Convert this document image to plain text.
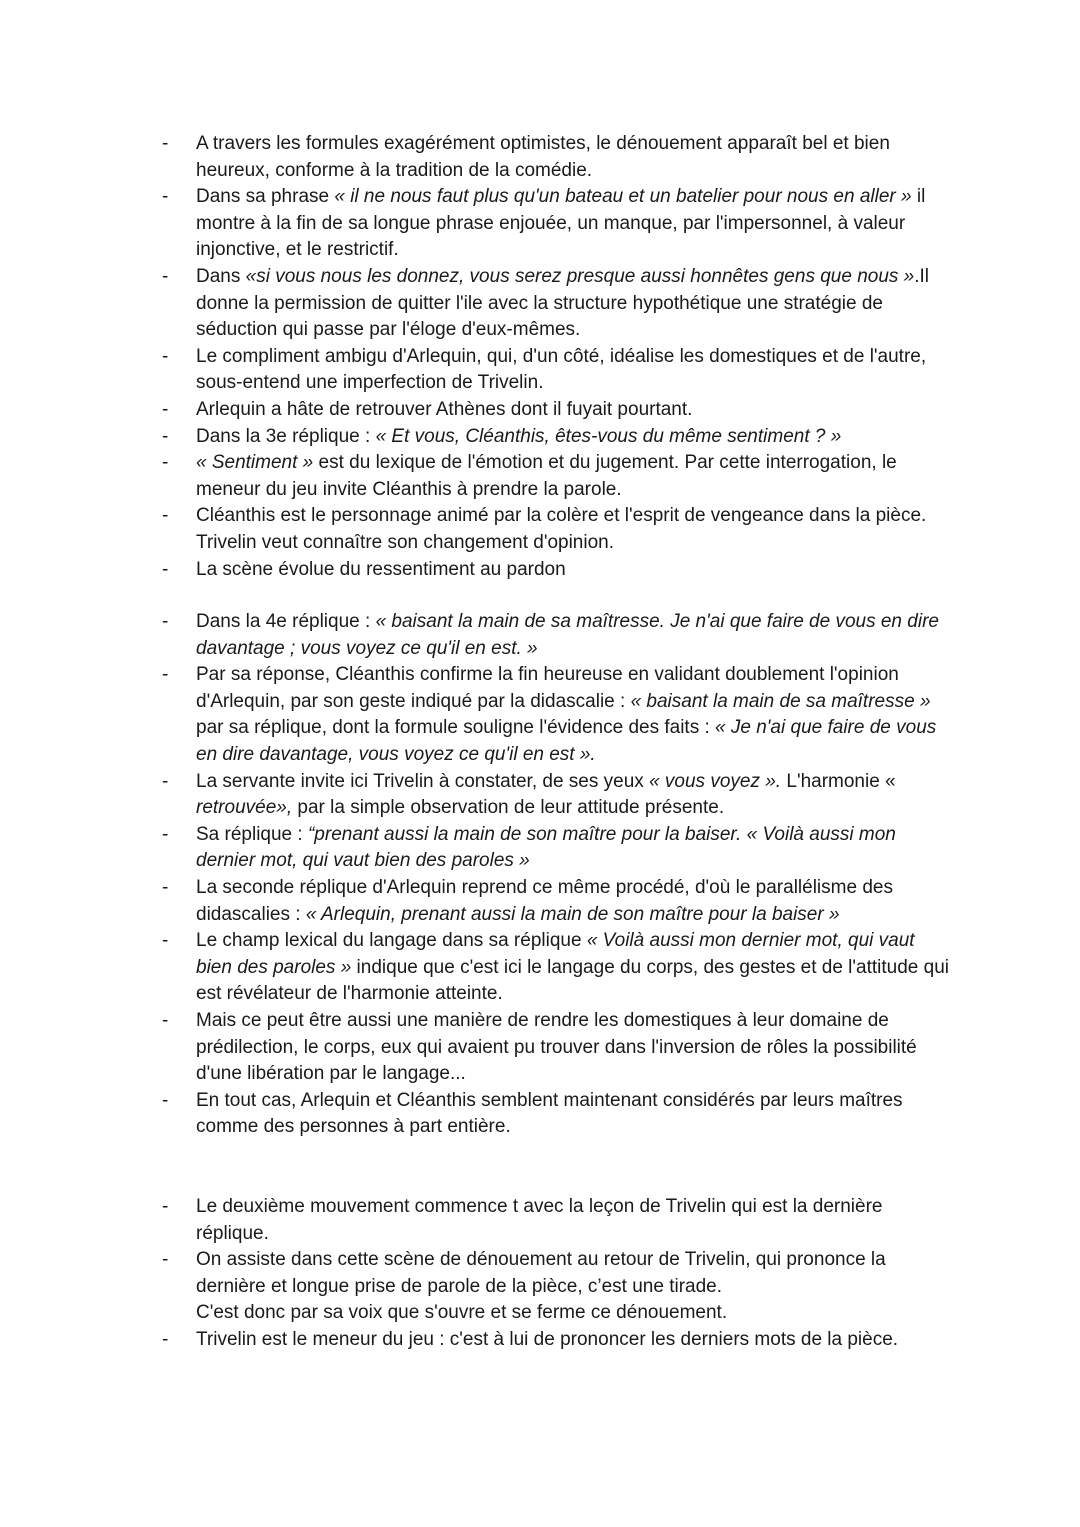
- A travers les formules exagérément optimistes, le dénouement apparaît bel et bien heureux, conforme à la tradition de la comédie.

- Dans sa phrase « il ne nous faut plus qu'un bateau et un batelier pour nous en aller » il montre à la fin de sa longue phrase enjouée, un manque, par l'impersonnel, à valeur injonctive, et le restrictif.

- Dans «si vous nous les donnez, vous serez presque aussi honnêtes gens que nous ».Il donne la permission de quitter l'ile avec la structure hypothétique une stratégie de séduction qui passe par l'éloge d'eux-mêmes.

- Le compliment ambigu d'Arlequin, qui, d'un côté, idéalise les domestiques et de l'autre, sous-entend une imperfection de Trivelin.

- Arlequin a hâte de retrouver Athènes dont il fuyait pourtant.

- Dans la 3e réplique : « Et vous, Cléanthis, êtes-vous du même sentiment ? »

- « Sentiment » est du lexique de l'émotion et du jugement. Par cette interrogation, le meneur du jeu invite Cléanthis à prendre la parole.

- Cléanthis est le personnage animé par la colère et l'esprit de vengeance dans la pièce. Trivelin veut connaître son changement d'opinion.

- La scène évolue du ressentiment au pardon

- Dans la 4e réplique : « baisant la main de sa maîtresse. Je n'ai que faire de vous en dire davantage ; vous voyez ce qu'il en est. »

- Par sa réponse, Cléanthis confirme la fin heureuse en validant doublement l'opinion d'Arlequin, par son geste indiqué par la didascalie : « baisant la main de sa maîtresse » par sa réplique, dont la formule souligne l'évidence des faits : « Je n'ai que faire de vous en dire davantage, vous voyez ce qu'il en est ».

- La servante invite ici Trivelin à constater, de ses yeux « vous voyez ». L'harmonie « retrouvée», par la simple observation de leur attitude présente.

- Sa réplique : “prenant aussi la main de son maître pour la baiser. « Voilà aussi mon dernier mot, qui vaut bien des paroles »

- La seconde réplique d'Arlequin reprend ce même procédé, d'où le parallélisme des didascalies : « Arlequin, prenant aussi la main de son maître pour la baiser »

- Le champ lexical du langage dans sa réplique « Voilà aussi mon dernier mot, qui vaut bien des paroles » indique que c'est ici le langage du corps, des gestes et de l'attitude qui est révélateur de l'harmonie atteinte.

- Mais ce peut être aussi une manière de rendre les domestiques à leur domaine de prédilection, le corps, eux qui avaient pu trouver dans l'inversion de rôles la possibilité d'une libération par le langage...

- En tout cas, Arlequin et Cléanthis semblent maintenant considérés par leurs maîtres comme des personnes à part entière.

- Le deuxième mouvement commence t avec la leçon de Trivelin qui est la dernière réplique.

- On assiste dans cette scène de dénouement au retour de Trivelin, qui prononce la dernière et longue prise de parole de la pièce, c’est une tirade.

C'est donc par sa voix que s'ouvre et se ferme ce dénouement.

- Trivelin est le meneur du jeu : c'est à lui de prononcer les derniers mots de la pièce.
